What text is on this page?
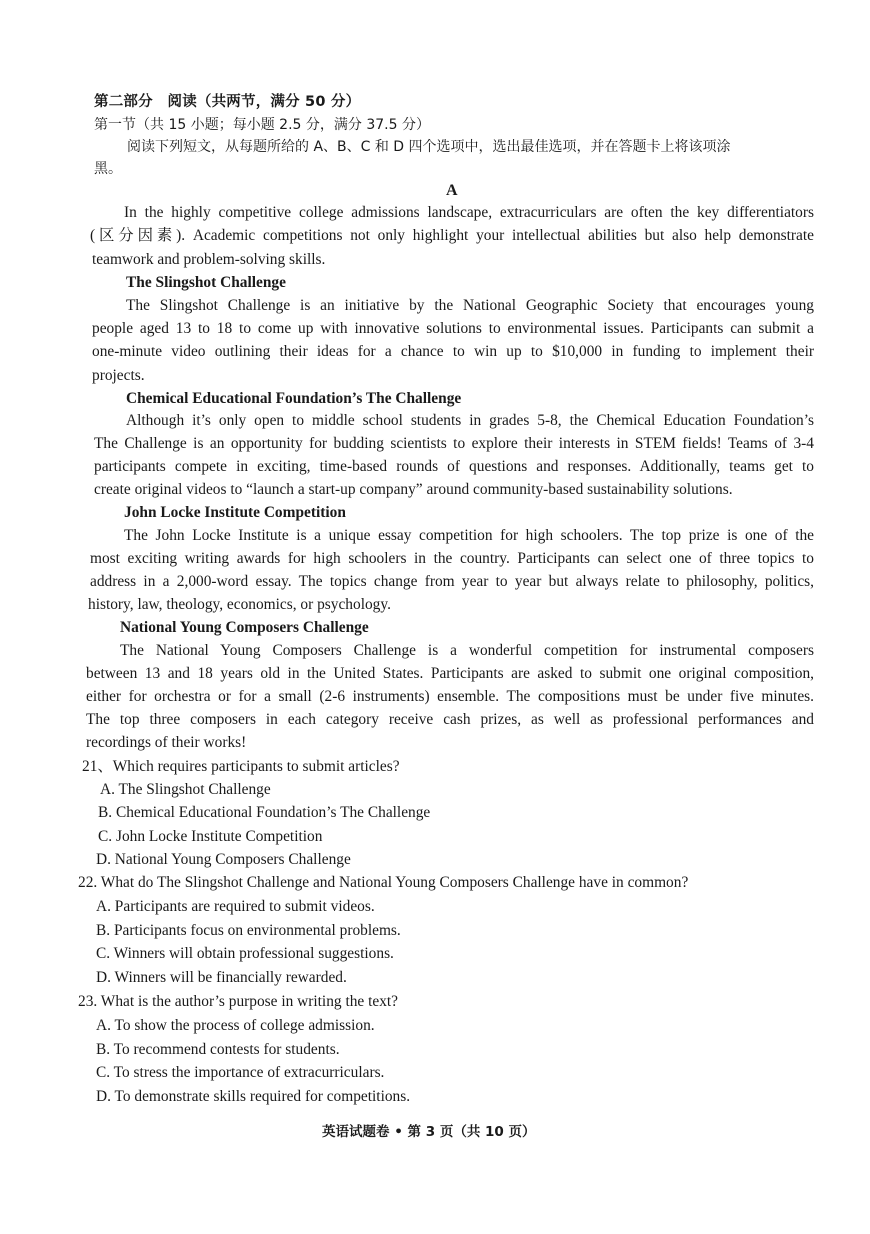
第二部分　阅读（共两节，满分 50 分）
第一节（共 15 小题；每小题 2.5 分，满分 37.5 分）
阅读下列短文，从每题所给的 A、B、C 和 D 四个选项中，选出最佳选项，并在答题卡上将该项涂
黑。
A
In the highly competitive college admissions landscape, extracurriculars are often the key differentiators
(区分因素). Academic competitions not only highlight your intellectual abilities but also help demonstrate
teamwork and problem-solving skills.
The Slingshot Challenge
The Slingshot Challenge is an initiative by the National Geographic Society that encourages young
people aged 13 to 18 to come up with innovative solutions to environmental issues. Participants can submit a
one-minute video outlining their ideas for a chance to win up to $10,000 in funding to implement their
projects.
Chemical Educational Foundation’s The Challenge
Although it’s only open to middle school students in grades 5-8, the Chemical Education Foundation’s
The Challenge is an opportunity for budding scientists to explore their interests in STEM fields! Teams of 3-4
participants compete in exciting, time-based rounds of questions and responses. Additionally, teams get to
create original videos to “launch a start-up company” around community-based sustainability solutions.
John Locke Institute Competition
The John Locke Institute is a unique essay competition for high schoolers. The top prize is one of the
most exciting writing awards for high schoolers in the country. Participants can select one of three topics to
address in a 2,000-word essay. The topics change from year to year but always relate to philosophy, politics,
history, law, theology, economics, or psychology.
National Young Composers Challenge
The National Young Composers Challenge is a wonderful competition for instrumental composers
between 13 and 18 years old in the United States. Participants are asked to submit one original composition,
either for orchestra or for a small (2-6 instruments) ensemble. The compositions must be under five minutes.
The top three composers in each category receive cash prizes, as well as professional performances and
recordings of their works!
21、Which requires participants to submit articles?
A. The Slingshot Challenge
B. Chemical Educational Foundation’s The Challenge
C. John Locke Institute Competition
D. National Young Composers Challenge
22. What do The Slingshot Challenge and National Young Composers Challenge have in common?
A. Participants are required to submit videos.
B. Participants focus on environmental problems.
C. Winners will obtain professional suggestions.
D. Winners will be financially rewarded.
23. What is the author’s purpose in writing the text?
A. To show the process of college admission.
B. To recommend contests for students.
C. To stress the importance of extracurriculars.
D. To demonstrate skills required for competitions.
英语试题卷 • 第 3 页（共 10 页）
